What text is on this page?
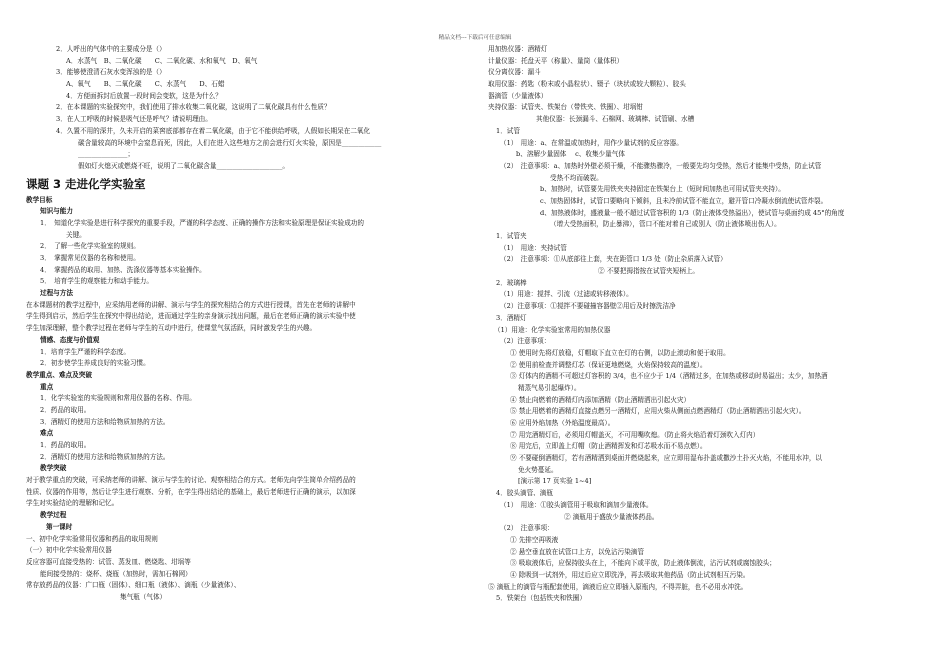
精品文档---下载后可任意编辑
2．人呼出的气体中的主要成分是（）
A．水蒸气　B、二氧化碳　　C、二氧化碳、水和氧气　D、氧气
3．能够使澄清石灰水变浑浊的是（）
A、氧气　　B、二氧化碳　　C、水蒸气　　D、石蜡
4．方便面拆封后放置一段时间会变软，这是为什么？
2．在本课题的实验探究中，我们使用了排水收集二氧化碳，这说明了二氧化碳具有什么性质？
3．在人工呼吸的时候是吸气还是呼气？请说明理由。
4．久置不用的深井，久未开启的菜窖底部都存在着二氧化碳，由于它不能供给呼吸，人假如长期呆在二氧化
碳含量较高的环境中会窒息而死，因此，人们在进入这些地方之前会进行灯火实验，原因是____________
_______________；
假如灯火熄灭或燃烧不旺，说明了二氧化碳含量____________________。
课题 3 走进化学实验室
教学目标
知识与能力
1．　知道化学实验是进行科学探究的重要手段，严谨的科学态度、正确的操作方法和实验原理是保证实验成功的
关键。
2．　了解一些化学实验室的规则。
3．　掌握常见仪器的名称和使用。
4．　掌握药品的取用、加热、洗涤仪器等基本实验操作。
5．　培育学生的观察能力和动手能力。
过程与方法
在本课题材的教学过程中，应采纳用老师的讲解、演示与学生的探究相结合的方式进行授课，首先在老师的讲解中
学生得到启示，然后学生在探究中得出结论，进而通过学生的亲身演示找出问题，最后在老师正确的演示实验中使
学生加深理解，整个教学过程在老师与学生的互动中进行，使课堂气氛活跃，同时激发学生的兴趣。
情感、态度与价值观
1．培育学生严谨的科学态度。
2．初步使学生养成良好的实验习惯。
教学重点、难点及突破
重点
1．化学实验室的实验规则和常用仪器的名称、作用。
2．药品的取用。
3．酒精灯的使用方法和给物质加热的方法。
难点
1．药品的取用。
2．酒精灯的使用方法和给物质加热的方法。
教学突破
对于教学重点的突破，可采纳老师的讲解、演示与学生的讨论、观察相结合的方式。老师先向学生简单介绍药品的
性质、仪器的作用等，然后让学生进行观察、分析，在学生得出结论的基础上，最后老师进行正确的演示，以加深
学生对实验结论的理解和记忆。
教学过程
第一课时
一、初中化学实验常用仪器和药品的取用规则
（一）初中化学实验常用仪器
反应容器可直接受热的：试管、蒸发皿、燃烧匙、坩埚等
能间接受热的：烧杯、烧瓶（加热时，需加石棉网）
常存放药品的仪器：广口瓶（固体）、细口瓶（液体）、滴瓶（少量液体）、
集气瓶（气体）
用加热仪器：酒精灯
计量仪器：托盘天平（称量）、量筒（量体积）
仪分离仪器：漏斗
取用仪器：药匙（粉末或小晶粒状）、镊子（块状或较大颗粒）、胶头
器滴管（少量液体）
夹持仪器：试管夹、铁架台（带铁夹、铁圈）、坩埚钳
其他仪器：长颈漏斗、石棉网、玻璃棒、试管刷、水槽
1．试管
（1）　用途：a、在常温或加热时，用作少量试剂的反应容器。
b、溶解少量固体　 c、收集少量气体
（2）　注意事项：a、加热时外壁必须干燥，不能骤热骤冷，一般要先均匀受热，然后才能集中受热，防止试管
受热不均而破裂。
b、加热时，试管要先用铁夹夹持固定在铁架台上（短时间加热也可用试管夹夹持）。
c、加热固体时，试管口要略向下倾斜，且未冷前试管不能直立，避开管口冷凝水倒流使试管炸裂。
d、加热液体时，盛液量一般不超过试管容积的 1/3（防止液体受热溢出），使试管与桌面约成 45°的角度
（增大受热面积，防止暴沸），管口不能对着自己或别人（防止液体喷出伤人）。
1．试管夹
（1）　用途：夹持试管
（2）　注意事项：①从底部往上套，夹在距管口 1/3 处（防止杂质落入试管）
② 不要把拇指按在试管夹短柄上。
2．玻璃棒
（1）用途：搅拌、引流（过滤或转移液体）。
（2）注意事项：①搅拌不要碰撞容器壁②用后及时擦洗洁净
3．酒精灯
（1）用途：化学实验室常用的加热仪器
（2）注意事项：
① 使用时先将灯放稳，灯帽取下直立在灯的右侧，以防止滚动和便于取用。
② 使用前检查并调整灯芯（保证更地燃烧，火焰保持较高的温度）。
③ 灯体内的酒精不可超过灯容积的 3/4，也不应少于 1/4（酒精过多，在加热或移动时易溢出；太少，加热酒
精蒸气易引起爆炸）。
④ 禁止向燃着的酒精灯内添加酒精（防止酒精洒出引起火灾）
⑤ 禁止用燃着的酒精灯直接点燃另一酒精灯，应用火柴从侧面点燃酒精灯（防止酒精洒出引起火灾）。
⑥ 应用外焰加热（外焰温度最高）。
⑦ 用完酒精灯后，必须用灯帽盖灭，不可用嘴吹熄。（防止将火焰沿着灯颈吹入灯内）
⑧ 用完后，立即盖上灯帽（防止酒精挥发和灯芯吸水而不易点燃）。
⑨ 不要碰倒酒精灯，若有酒精洒到桌面并燃烧起来，应立即用湿布扑盖或撒沙土扑灭火焰，不能用水冲，以
免火势蔓延。
[演示第 17 页实验 1~4]
4．胶头滴管、滴瓶
（1）　用途：①胶头滴管用于吸取和滴加少量液体。
② 滴瓶用于盛放少量液体药品。
（2）　注意事项：
① 先排空再吸液
② 悬空垂直放在试管口上方，以免沾污染滴管
③ 吸取液体后，应保持胶头在上，不能向下或平放，防止液体倒流，沾污试剂或腐蚀胶头；
④ 除吸到一试剂外，用过后应立即洗净，再去吸取其他药品（防止试剂相互污染。
⑤ 滴瓶上的滴管与瓶配套使用，滴液后应立即插入原瓶内，不得弄脏，也不必用水冲洗。
5．铁架台（包括铁夹和铁圈）
